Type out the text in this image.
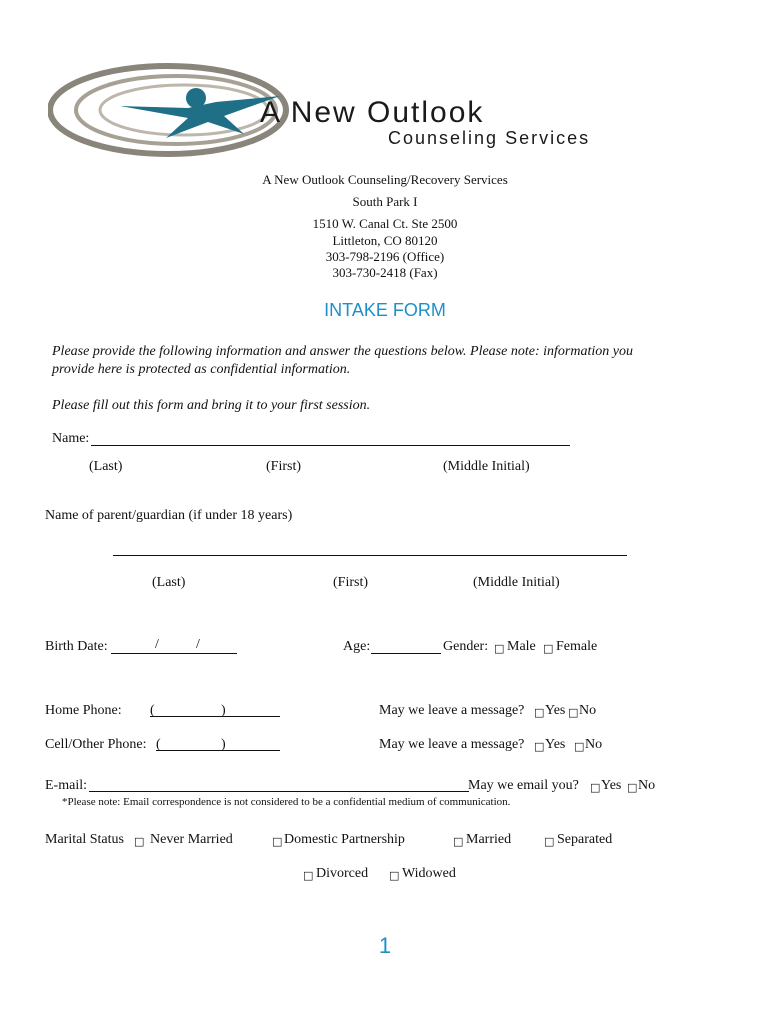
A New Outlook
Counseling Services
A New Outlook Counseling/Recovery Services
South Park I
1510 W. Canal Ct. Ste 2500
Littleton, CO 80120
303-798-2196 (Office)
303-730-2418 (Fax)
INTAKE FORM
Please provide the following information and answer the questions below. Please note: information you
provide here is protected as confidential information.
Please fill out this form and bring it to your first session.
Name:
(Last)	(First)	(Middle Initial)
Name of parent/guardian (if under 18 years)
(Last)	(First)	(Middle Initial)
Birth Date:	/	/	Age:	Gender: □ Male □ Female
Home Phone: (	)	May we leave a message? □ Yes □ No
Cell/Other Phone: (	)	May we leave a message? □ Yes □ No
E-mail:	May we email you? □ Yes □ No
*Please note: Email correspondence is not considered to be a confidential medium of communication.
Marital Status □ Never Married	□ Domestic Partnership	□ Married	□ Separated
□ Divorced □ Widowed
1
